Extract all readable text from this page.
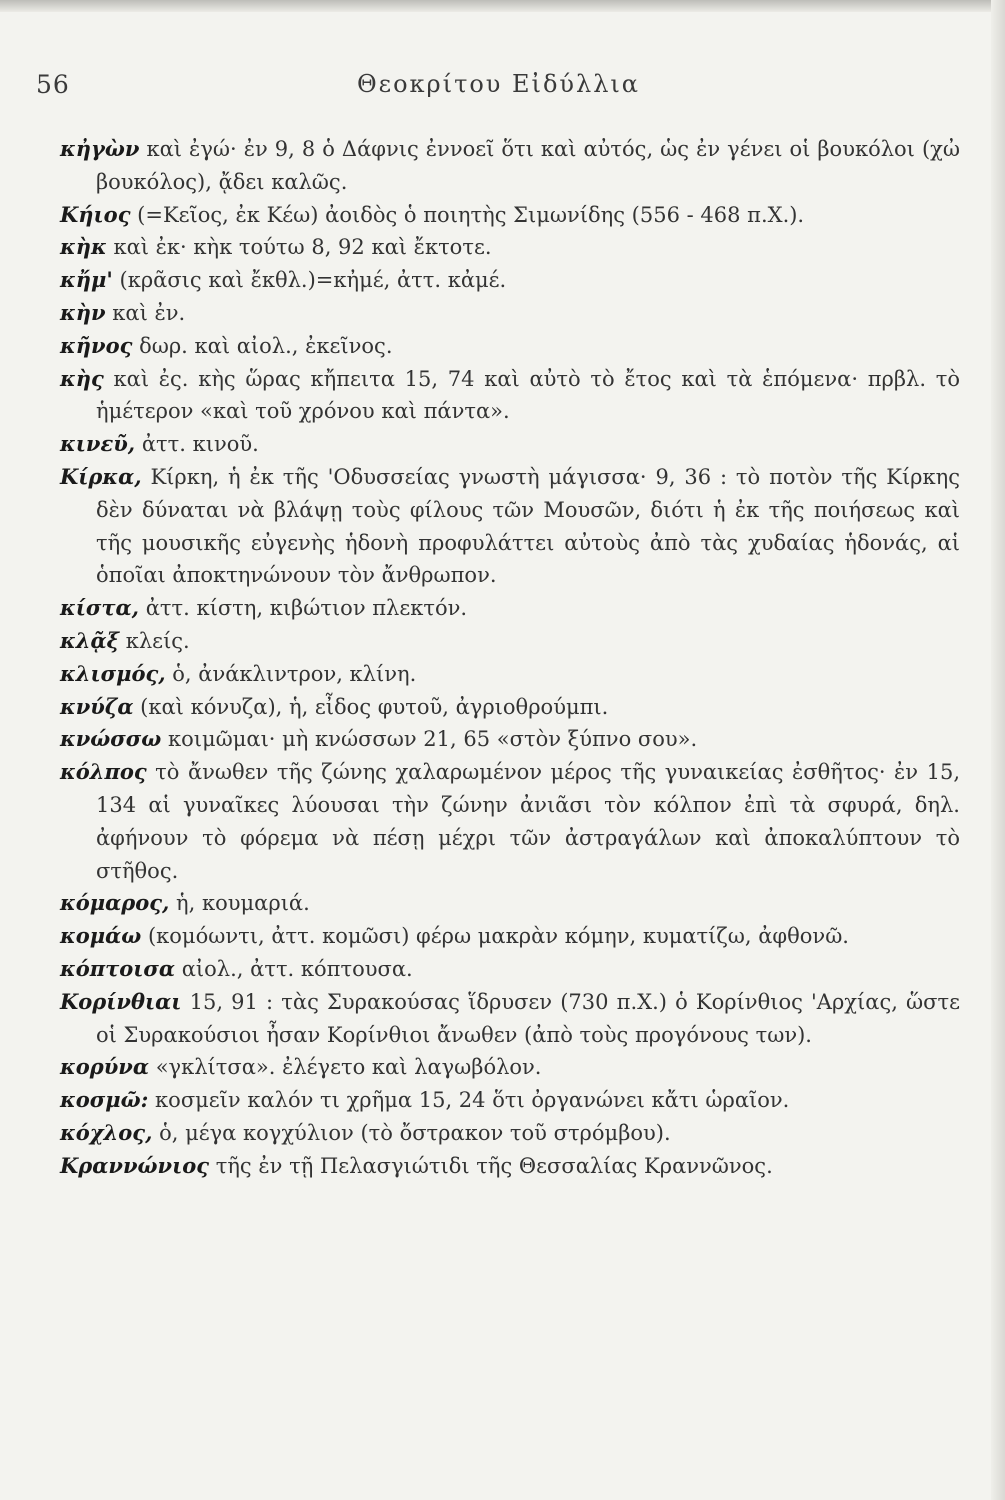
56	Θεοκρίτου Εἰδύλλια

κἠγὼν καὶ ἐγώ· ἐν 9, 8 ὁ Δάφνις ἐννοεῖ ὅτι καὶ αὐτός, ὡς ἐν γένει οἱ βουκόλοι (χὠ βουκόλος), ᾄδει καλῶς.

Κήιος (=Κεῖος, ἐκ Κέω) ἀοιδὸς ὁ ποιητὴς Σιμωνίδης (556 - 468 π.Χ.).

κὴκ καὶ ἐκ· κὴκ τούτω 8, 92 καὶ ἔκτοτε.

κἤμ' (κρᾶσις καὶ ἔκθλ.)=κἠμέ, ἀττ. κἀμέ.

κὴν καὶ ἐν.

κῆνος δωρ. καὶ αἰολ., ἐκεῖνος.

κὴς καὶ ἐς. κὴς ὥρας κἤπειτα 15, 74 καὶ αὐτὸ τὸ ἔτος καὶ τὰ ἑπόμενα· πρβλ. τὸ ἡμέτερον «καὶ τοῦ χρόνου καὶ πάντα».

κινεῦ, ἀττ. κινοῦ.

Κίρκα, Κίρκη, ἡ ἐκ τῆς 'Οδυσσείας γνωστὴ μάγισσα· 9, 36 : τὸ ποτὸν τῆς Κίρκης δὲν δύναται νὰ βλάψῃ τοὺς φίλους τῶν Μουσῶν, διότι ἡ ἐκ τῆς ποιήσεως καὶ τῆς μουσικῆς εὐγενὴς ἡδονὴ προφυλάττει αὐτοὺς ἀπὸ τὰς χυδαίας ἡδονάς, αἱ ὁποῖαι ἀποκτηνώνουν τὸν ἄνθρωπον.

κίστα, ἀττ. κίστη, κιβώτιον πλεκτόν.

κλᾷξ κλείς.

κλισμός, ὁ, ἀνάκλιντρον, κλίνη.

κνύζα (καὶ κόνυζα), ἡ, εἶδος φυτοῦ, ἀγριοθρούμπι.

κνώσσω κοιμῶμαι· μὴ κνώσσων 21, 65 «στὸν ξύπνο σου».

κόλπος τὸ ἄνωθεν τῆς ζώνης χαλαρωμένον μέρος τῆς γυναικείας ἐσθῆτος· ἐν 15, 134 αἱ γυναῖκες λύουσαι τὴν ζώνην ἀνιᾶσι τὸν κόλπον ἐπὶ τὰ σφυρά, δηλ. ἀφήνουν τὸ φόρεμα νὰ πέσῃ μέχρι τῶν ἀστραγάλων καὶ ἀποκαλύπτουν τὸ στῆθος.

κόμαρος, ἡ, κουμαριά.

κομάω (κομόωντι, ἀττ. κομῶσι) φέρω μακρὰν κόμην, κυματίζω, ἀφθονῶ.

κόπτοισα αἰολ., ἀττ. κόπτουσα.

Κορίνθιαι 15, 91 : τὰς Συρακούσας ἵδρυσεν (730 π.Χ.) ὁ Κορίνθιος 'Αρχίας, ὥστε οἱ Συρακούσιοι ἦσαν Κορίνθιοι ἄνωθεν (ἀπὸ τοὺς προγόνους των).

κορύνα «γκλίτσα». ἐλέγετο καὶ λαγωβόλον.

κοσμῶ: κοσμεῖν καλόν τι χρῆμα 15, 24 ὅτι ὀργανώνει κἄτι ὡραῖον.

κόχλος, ὁ, μέγα κογχύλιον (τὸ ὄστρακον τοῦ στρόμβου).

Κραννώνιος τῆς ἐν τῇ Πελασγιώτιδι τῆς Θεσσαλίας Κραννῶνος.
